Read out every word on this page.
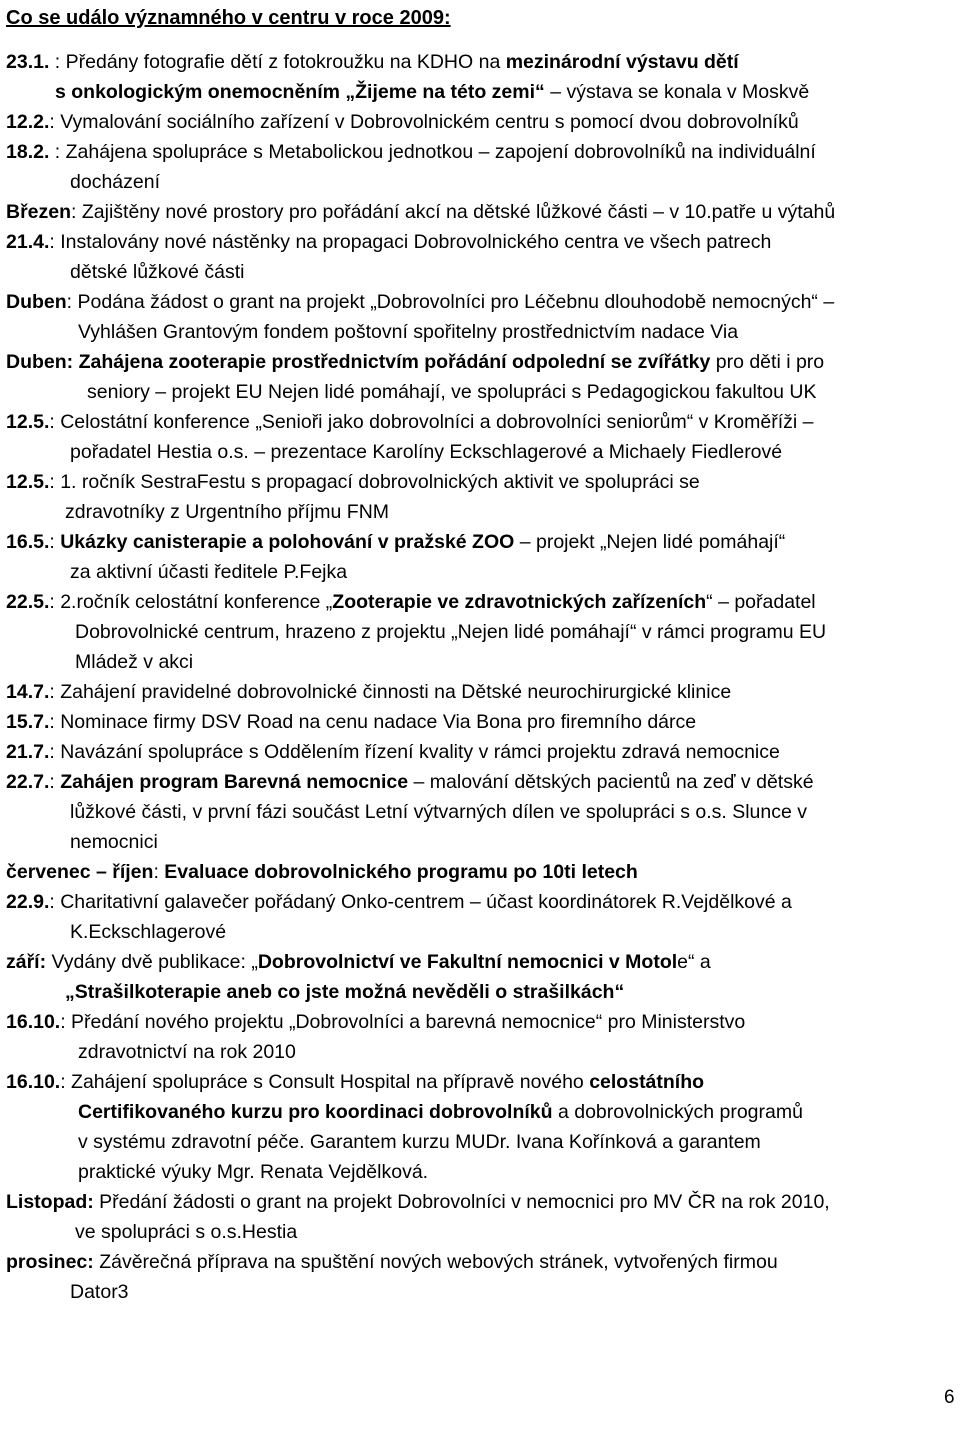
Co se událo významného v centru v roce 2009:
23.1. : Předány fotografie dětí z fotokroužku na KDHO na mezinárodní výstavu dětí
s onkologickým onemocněním „Žijeme na této zemi“ – výstava se konala v Moskvě
12.2.: Vymalování sociálního zařízení v Dobrovolnickém centru s pomocí dvou dobrovolníků
18.2. : Zahájena spolupráce s Metabolickou jednotkou – zapojení dobrovolníků na individuální
docházení
Březen: Zajištěny nové prostory pro pořádání akcí na dětské lůžkové části – v 10.patře u výtahů
21.4.: Instalovány nové nástěnky na propagaci Dobrovolnického centra ve všech patrech
dětské lůžkové části
Duben: Podána žádost o grant na projekt „Dobrovolníci pro Léčebnu dlouhodobě nemocných“ –
Vyhlášen Grantovým fondem poštovní spořitelny prostřednictvím nadace Via
Duben: Zahájena zooterapie prostřednictvím pořádání odpolední se zvířátky pro děti i pro
seniory – projekt EU Nejen lidé pomáhají, ve spolupráci s Pedagogickou fakultou UK
12.5.: Celostátní konference „Senioři jako dobrovolníci a dobrovolníci seniorům“ v Kroměříži –
pořadatel Hestia o.s. – prezentace Karolíny Eckschlagerové a Michaely Fiedlerové
12.5.: 1. ročník SestraFestu s propagací dobrovolnických aktivit ve spolupráci se
zdravotníky z Urgentního příjmu FNM
16.5.: Ukázky canisterapie a polohování v pražské ZOO – projekt „Nejen lidé pomáhají“
za aktivní účasti ředitele P.Fejka
22.5.: 2.ročník celostátní konference „Zooterapie ve zdravotnických zařízeních“ – pořadatel
Dobrovolnické centrum, hrazeno z projektu „Nejen lidé pomáhají“ v rámci programu EU
Mládež v akci
14.7.: Zahájení pravidelné dobrovolnické činnosti na Dětské neurochirurgické klinice
15.7.: Nominace firmy DSV Road na cenu nadace Via Bona pro firemního dárce
21.7.: Navázání spolupráce s Oddělením řízení kvality v rámci projektu zdravá nemocnice
22.7.: Zahájen program Barevná nemocnice – malování dětských pacientů na zeď v dětské
lůžkové části, v první fázi součást Letní výtvarných dílen ve spolupráci s o.s. Slunce v
nemocnici
červenec – říjen: Evaluace dobrovolnického programu po 10ti letech
22.9.: Charitativní galavečer pořádaný Onko-centrem – účast koordinátorek R.Vejdělkové a
K.Eckschlagerové
září: Vydány dvě publikace: „Dobrovolnictví ve Fakultní nemocnici v Motole“ a
„Strašilkoterapie aneb co jste možná nevěděli o strašilkách“
16.10.: Předání nového projektu „Dobrovolníci a barevná nemocnice“ pro Ministerstvo
zdravotnictví na rok 2010
16.10.: Zahájení spolupráce s Consult Hospital na přípravě nového celostátního
Certifikovaného kurzu pro koordinaci dobrovolníků a dobrovolnických programů
v systému zdravotní péče. Garantem kurzu MUDr. Ivana Kořínková a garantem
praktické výuky Mgr. Renata Vejdělková.
Listopad: Předání žádosti o grant na projekt Dobrovolníci v nemocnici pro MV ČR na rok 2010,
ve spolupráci s o.s.Hestia
prosinec: Závěrečná příprava na spuštění nových webových stránek, vytvořených firmou
Dator3
6
